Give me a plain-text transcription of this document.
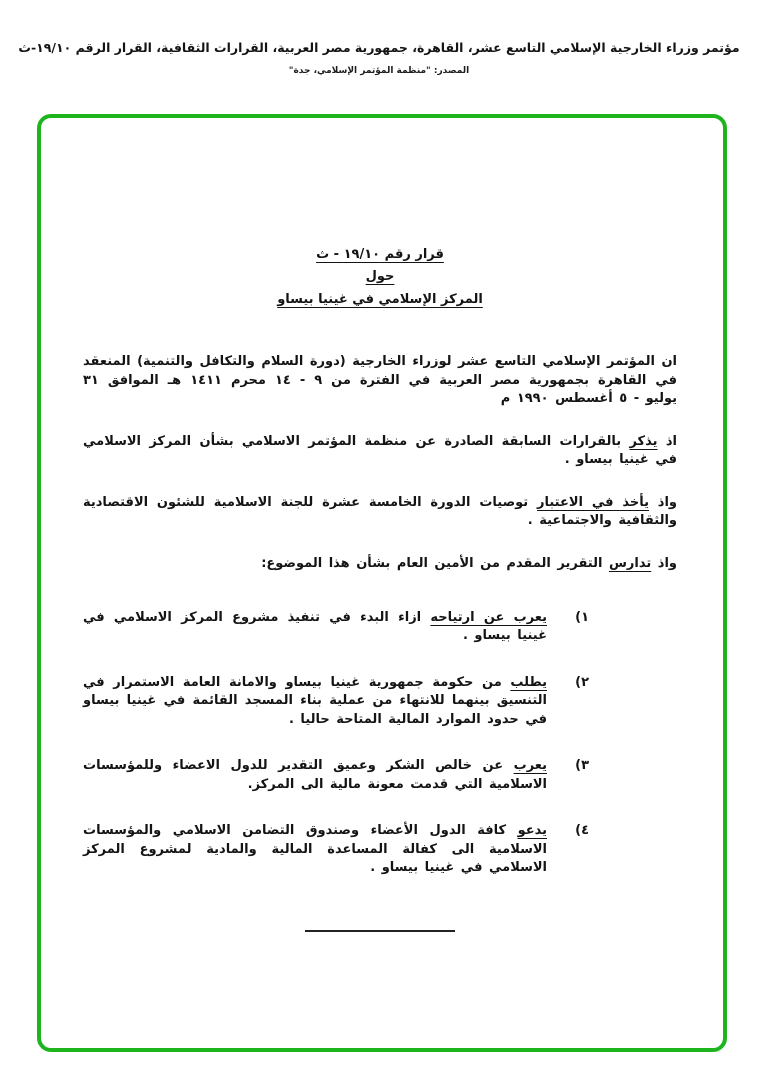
مؤتمر وزراء الخارجية الإسلامي التاسع عشر، القاهرة، جمهورية مصر العربية، القرارات الثقافية، القرار الرقم ١٩/١٠-ث
المصدر: "منظمة المؤتمر الإسلامي، جدة"
قرار رقم ١٩/١٠ - ث
حول
المركز الإسلامي في غينيا بيساو

ان المؤتمر الإسلامي التاسع عشر لوزراء الخارجية (دورة السلام والتكافل والتنمية) المنعقد في القاهرة بجمهورية مصر العربية في الفترة من ٩ - ١٤ محرم ١٤١١ هـ الموافق ٣١ يوليو - ٥ أغسطس ١٩٩٠ م

اذ يذكر بالقرارات السابقة الصادرة عن منظمة المؤتمر الاسلامي بشأن المركز الاسلامي في غينيا بيساو .

واذ يأخذ في الاعتبار توصيات الدورة الخامسة عشرة للجنة الاسلامية للشئون الاقتصادية والثقافية والاجتماعية .

واذ تدارس التقرير المقدم من الأمين العام بشأن هذا الموضوع:

١)

يعرب عن ارتياحه ازاء البدء في تنفيذ مشروع المركز الاسلامي في غينيا بيساو .

٢)

يطلب من حكومة جمهورية غينيا بيساو والامانة العامة الاستمرار في التنسيق بينهما للانتهاء من عملية بناء المسجد القائمة في غينيا بيساو في حدود الموارد المالية المتاحة حاليا .

٣)

يعرب عن خالص الشكر وعميق التقدير للدول الاعضاء وللمؤسسات الاسلامية التي قدمت معونة مالية الى المركز.

٤)

يدعو كافة الدول الأعضاء وصندوق التضامن الاسلامي والمؤسسات الاسلامية الى كفالة المساعدة المالية والمادية لمشروع المركز الاسلامي في غينيا بيساو .
